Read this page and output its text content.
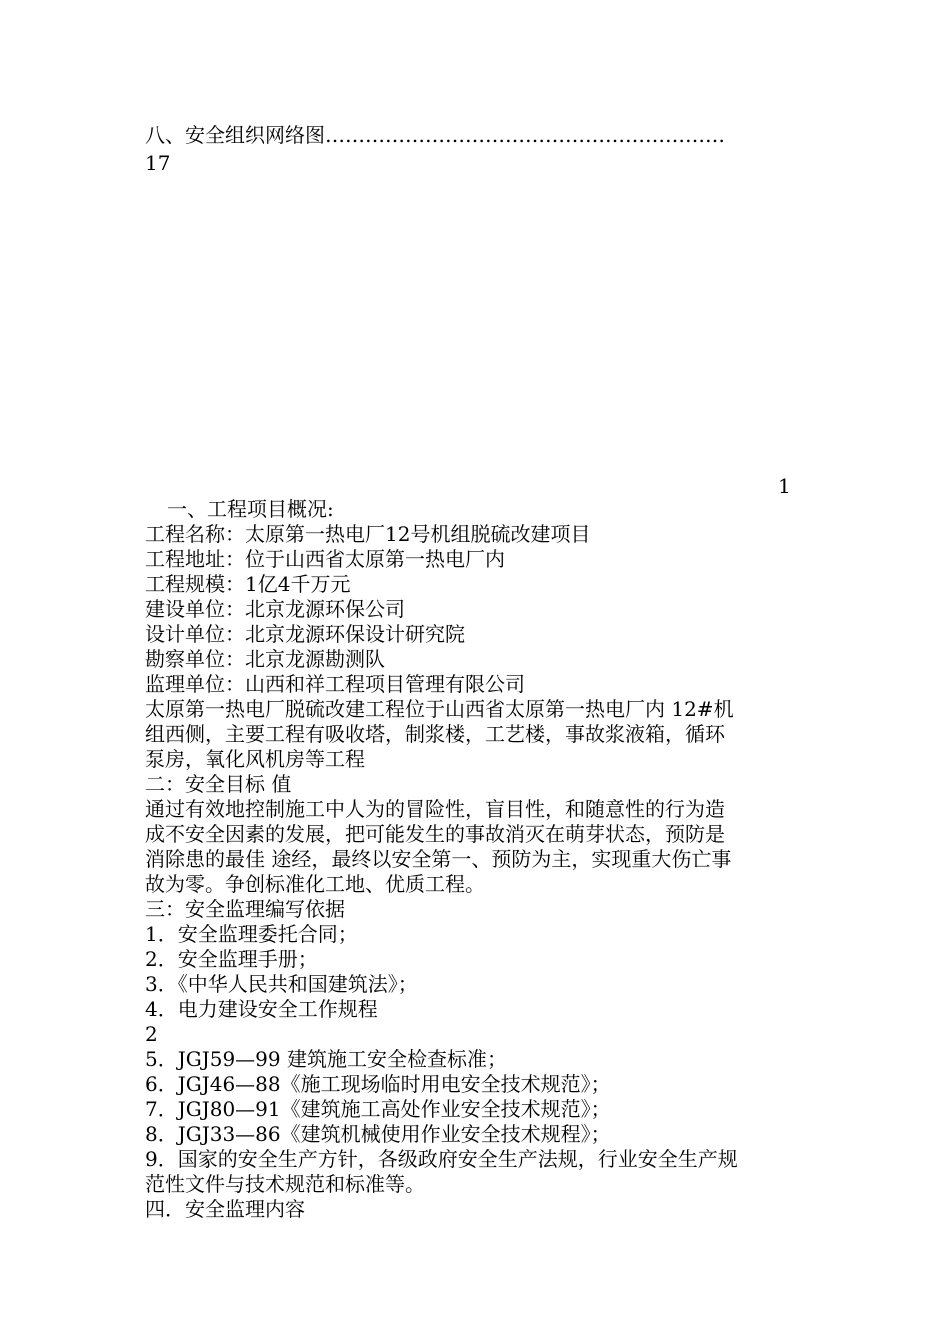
八、安全组织网络图……………………………………………………
17
1
一、工程项目概况:
工程名称：太原第一热电厂12号机组脱硫改建项目
工程地址：位于山西省太原第一热电厂内
工程规模：1亿4千万元
建设单位：北京龙源环保公司
设计单位：北京龙源环保设计研究院
勘察单位：北京龙源勘测队
监理单位：山西和祥工程项目管理有限公司
太原第一热电厂脱硫改建工程位于山西省太原第一热电厂内 12#机
组西侧，主要工程有吸收塔，制浆楼，工艺楼，事故浆液箱，循环
泵房，氧化风机房等工程
二：安全目标 值
通过有效地控制施工中人为的冒险性，盲目性，和随意性的行为造
成不安全因素的发展，把可能发生的事故消灭在萌芽状态，预防是
消除患的最佳 途经，最终以安全第一、预防为主，实现重大伤亡事
故为零。争创标准化工地、优质工程。
三：安全监理编写依据
1．安全监理委托合同；
2．安全监理手册；
3．《中华人民共和国建筑法》；
4．电力建设安全工作规程
2
5．JGJ59—99 建筑施工安全检查标准；
6．JGJ46—88《施工现场临时用电安全技术规范》；
7．JGJ80—91《建筑施工高处作业安全技术规范》；
8．JGJ33—86《建筑机械使用作业安全技术规程》；
9．国家的安全生产方针，各级政府安全生产法规，行业安全生产规
范性文件与技术规范和标准等。
四．安全监理内容
